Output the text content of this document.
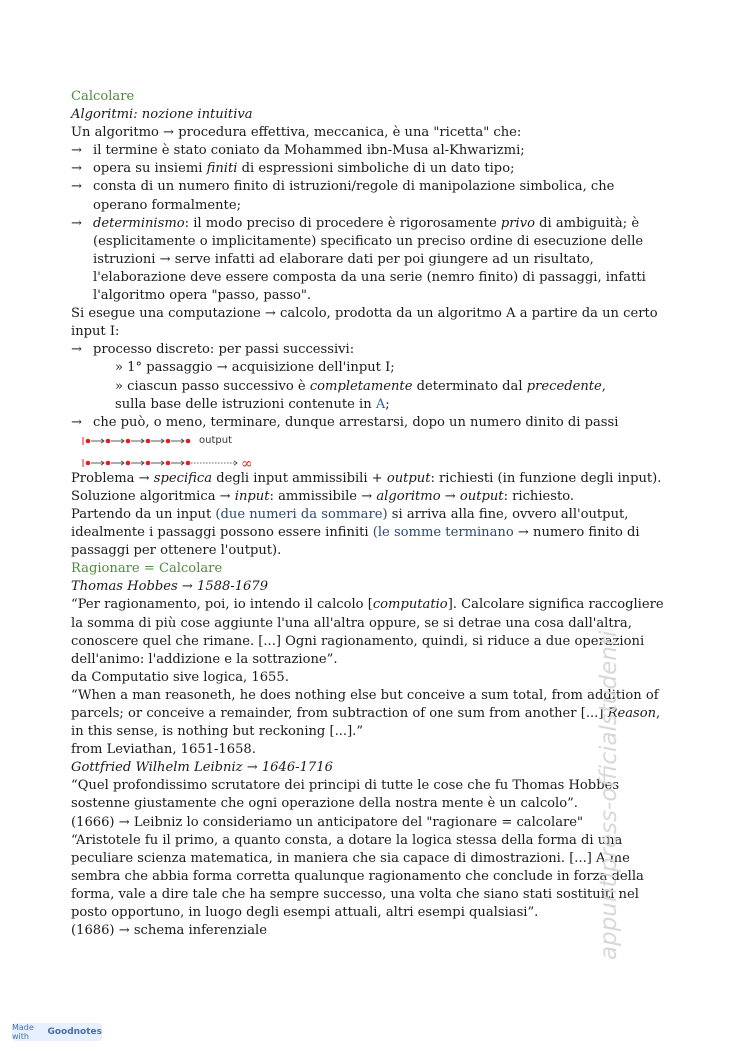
Calcolare
Algoritmi: nozione intuitiva
Un algoritmo → procedura effettiva, meccanica, è una "ricetta" che:
→ il termine è stato coniato da Mohammed ibn-Musa al-Khwarizmi;
→ opera su insiemi finiti di espressioni simboliche di un dato tipo;
→ consta di un numero finito di istruzioni/regole di manipolazione simbolica, che
operano formalmente;
→ determinismo: il modo preciso di procedere è rigorosamente privo di ambiguità; è
(esplicitamente o implicitamente) specificato un preciso ordine di esecuzione delle
istruzioni → serve infatti ad elaborare dati per poi giungere ad un risultato,
l'elaborazione deve essere composta da una serie (nemro finito) di passaggi, infatti
l'algoritmo opera "passo, passo".
Si esegue una computazione → calcolo, prodotta da un algoritmo A a partire da un certo
input I:
→ processo discreto: per passi successivi:
» 1° passaggio → acquisizione dell'input I;
» ciascun passo successivo è completamente determinato dal precedente,
sulla base delle istruzioni contenute in A;
→ che può, o meno, terminare, dunque arrestarsi, dopo un numero dinito di passi
output
∞
Problema → specifica degli input ammissibili + output: richiesti (in funzione degli input).
Soluzione algoritmica → input: ammissibile → algoritmo → output: richiesto.
Partendo da un input (due numeri da sommare) si arriva alla fine, ovvero all'output,
idealmente i passaggi possono essere infiniti (le somme terminano → numero finito di
passaggi per ottenere l'output).
Ragionare = Calcolare
Thomas Hobbes → 1588-1679
“Per ragionamento, poi, io intendo il calcolo [computatio]. Calcolare significa raccogliere
la somma di più cose aggiunte l'una all'altra oppure, se si detrae una cosa dall'altra,
conoscere quel che rimane. [...] Ogni ragionamento, quindi, si riduce a due operazioni
dell'animo: l'addizione e la sottrazione”.
da Computatio sive logica, 1655.
“When a man reasoneth, he does nothing else but conceive a sum total, from addition of
parcels; or conceive a remainder, from subtraction of one sum from another [...] Reason,
in this sense, is nothing but reckoning [...].”
from Leviathan, 1651-1658.
Gottfried Wilhelm Leibniz → 1646-1716
“Quel profondissimo scrutatore dei principi di tutte le cose che fu Thomas Hobbes
sostenne giustamente che ogni operazione della nostra mente è un calcolo”.
(1666) → Leibniz lo consideriamo un anticipatore del "ragionare = calcolare"
“Aristotele fu il primo, a quanto consta, a dotare la logica stessa della forma di una
peculiare scienza matematica, in maniera che sia capace di dimostrazioni. [...] A me
sembra che abbia forma corretta qualunque ragionamento che conclude in forza della
forma, vale a dire tale che ha sempre successo, una volta che siano stati sostituiti nel
posto opportuno, in luogo degli esempi attuali, altri esempi qualsiasi”.
(1686) → schema inferenziale	appuntipress-officialstudenti
Made with	Goodnotes
